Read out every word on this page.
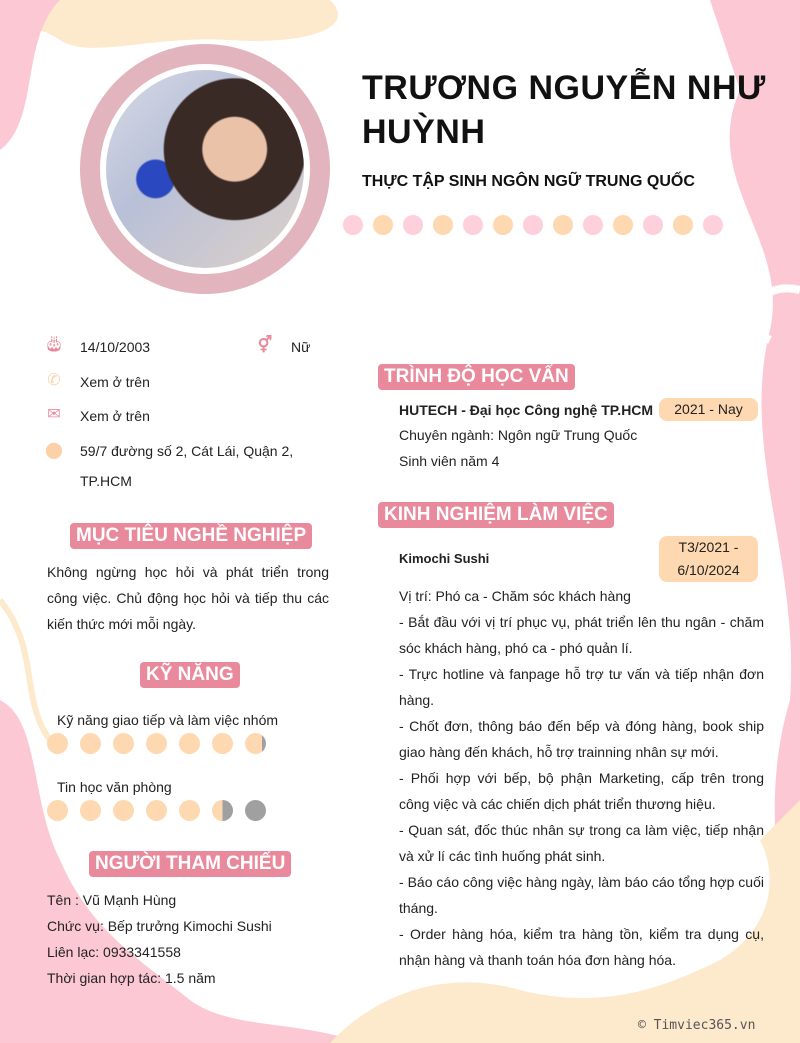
TRƯƠNG NGUYỄN NHƯ HUỲNH
THỰC TẬP SINH NGÔN NGỮ TRUNG QUỐC
🎂︎ 14/10/2003	⚥ Nữ
✆ Xem ở trên
✉ Xem ở trên
⬤ 59/7 đường số 2, Cát Lái, Quận 2, TP.HCM
MỤC TIÊU NGHỀ NGHIỆP
Không ngừng học hỏi và phát triển trong công việc. Chủ động học hỏi và tiếp thu các kiến thức mới mỗi ngày.
KỸ NĂNG
Kỹ năng giao tiếp và làm việc nhóm
Tin học văn phòng
NGƯỜI THAM CHIẾU
Tên : Vũ Mạnh Hùng
Chức vụ: Bếp trưởng Kimochi Sushi
Liên lạc: 0933341558
Thời gian hợp tác: 1.5 năm
TRÌNH ĐỘ HỌC VẤN
HUTECH - Đại học Công nghệ TP.HCM	2021 - Nay
Chuyên ngành: Ngôn ngữ Trung Quốc
Sinh viên năm 4
KINH NGHIỆM LÀM VIỆC
Kimochi Sushi
T3/2021 - 6/10/2024
Vị trí: Phó ca - Chăm sóc khách hàng
- Bắt đầu với vị trí phục vụ, phát triển lên thu ngân - chăm sóc khách hàng, phó ca - phó quản lí.
- Trực hotline và fanpage hỗ trợ tư vấn và tiếp nhận đơn hàng.
- Chốt đơn, thông báo đến bếp và đóng hàng, book ship giao hàng đến khách, hỗ trợ trainning nhân sự mới.
- Phối hợp với bếp, bộ phận Marketing, cấp trên trong công việc và các chiến dịch phát triển thương hiệu.
- Quan sát, đốc thúc nhân sự trong ca làm việc, tiếp nhận và xử lí các tình huống phát sinh.
- Báo cáo công việc hàng ngày, làm báo cáo tổng hợp cuối tháng.
- Order hàng hóa, kiểm tra hàng tồn, kiểm tra dụng cụ, nhận hàng và thanh toán hóa đơn hàng hóa.
© Timviec365.vn
